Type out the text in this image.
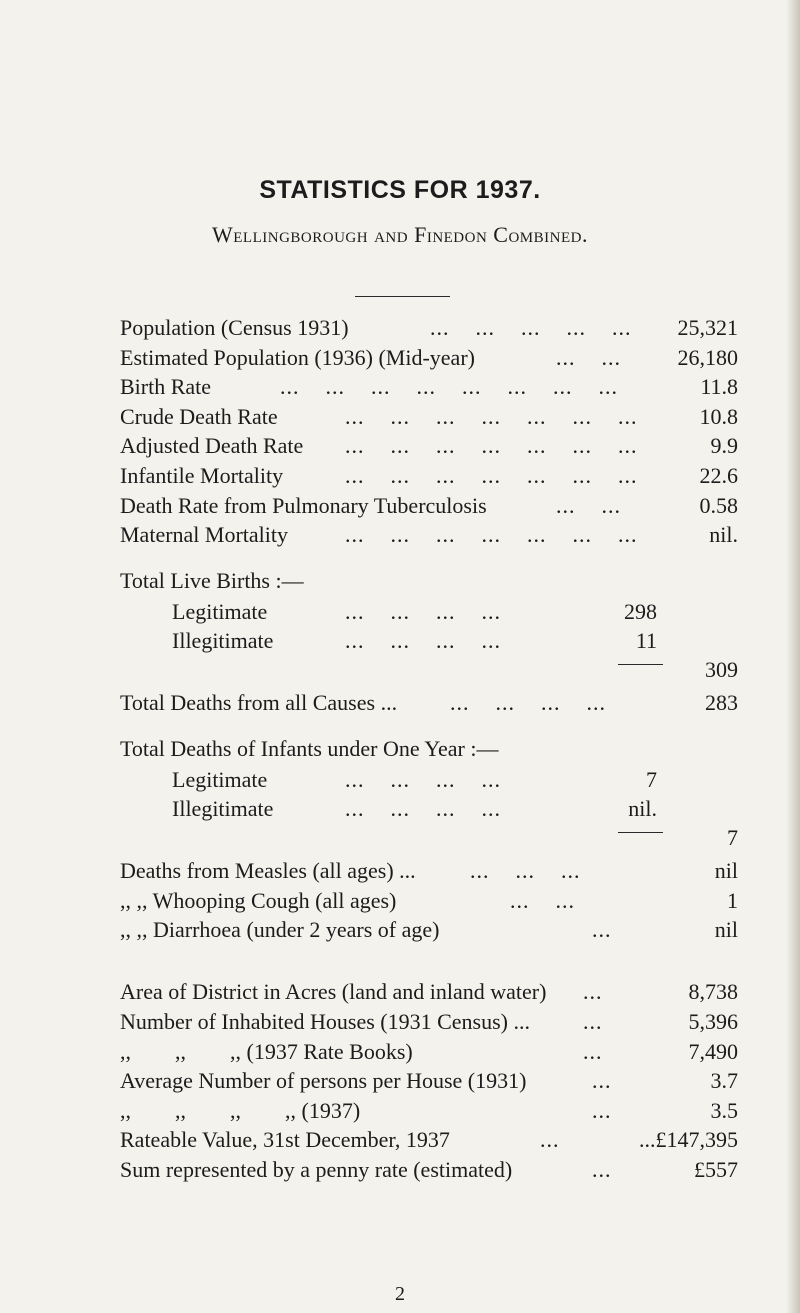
STATISTICS FOR 1937.
Wellingborough and Finedon Combined.
Population (Census 1931)	...    ...    ...    ...    ... 25,321
Estimated Population (1936) (Mid-year)	...    ...	26,180
Birth Rate	...    ...    ...    ...    ...    ...    ...    ...	11.8
Crude Death Rate	...    ...    ...    ...    ...    ...    ...	10.8
Adjusted Death Rate ...    ...    ...    ...    ...    ...    ...	9.9
Infantile Mortality	...    ...    ...    ...    ...    ...    ...	22.6
Death Rate from Pulmonary Tuberculosis	...    ...	0.58
Maternal Mortality	...    ...    ...    ...    ...    ...    ...	nil.
Total Live Births :—
Legitimate	...    ...    ...    ...	298
Illegitimate	...    ...    ...    ...	11
309
Total Deaths from all Causes ... ...    ...    ...    ...	283
Total Deaths of Infants under One Year :—
Legitimate	...    ...    ...    ...	7
Illegitimate	...    ...    ...    ...	nil.
7
Deaths from Measles (all ages) ... ...    ...    ...	nil
,, ,, Whooping Cough (all ages)	...    ...	1
,, ,, Diarrhoea (under 2 years of age)	...	nil
Area of District in Acres (land and inland water) ...	8,738
Number of Inhabited Houses (1931 Census) ... ...	5,396
,,        ,,        ,, (1937 Rate Books)	...	7,490
Average Number of persons per House (1931)	...	3.7
,,        ,,        ,,        ,, (1937)	...	3.5
Rateable Value, 31st December, 1937	...	...£147,395
Sum represented by a penny rate (estimated)	...	£557
2
